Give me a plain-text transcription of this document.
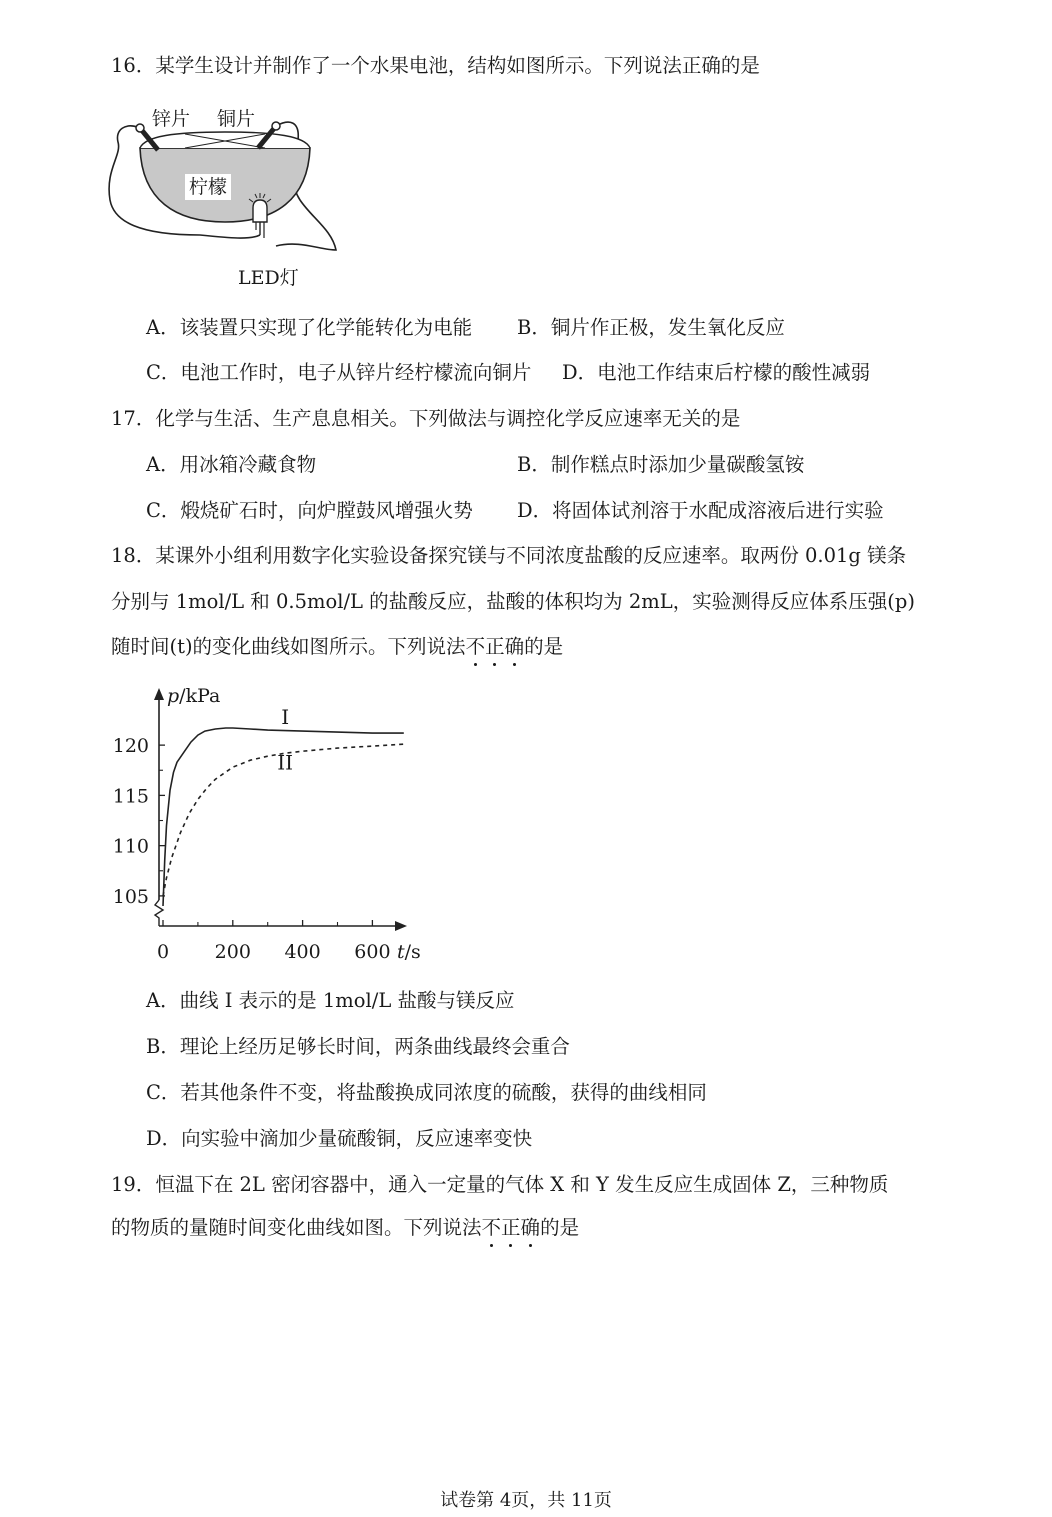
16．某学生设计并制作了一个水果电池，结构如图所示。下列说法正确的是
柠檬
锌片 铜片
LED灯
A．该装置只实现了化学能转化为电能 B．铜片作正极，发生氧化反应
C．电池工作时，电子从锌片经柠檬流向铜片 D．电池工作结束后柠檬的酸性减弱
17．化学与生活、生产息息相关。下列做法与调控化学反应速率无关的是
A．用冰箱冷藏食物	B．制作糕点时添加少量碳酸氢铵
C．煅烧矿石时，向炉膛鼓风增强火势 D．将固体试剂溶于水配成溶液后进行实验
18．某课外小组利用数字化实验设备探究镁与不同浓度盐酸的反应速率。取两份 0.01g 镁条
分别与 1mol/L 和 0.5mol/L 的盐酸反应，盐酸的体积均为 2mL，实验测得反应体系压强(p)
随时间(t)的变化曲线如图所示。下列说法不正确的是
0 200 400 600
105
110
115
120
p/kPa
t/s
I
II
A．曲线 I 表示的是 1mol/L 盐酸与镁反应
B．理论上经历足够长时间，两条曲线最终会重合
C．若其他条件不变，将盐酸换成同浓度的硫酸，获得的曲线相同
D．向实验中滴加少量硫酸铜，反应速率变快
19．恒温下在 2L 密闭容器中，通入一定量的气体 X 和 Y 发生反应生成固体 Z，三种物质
的物质的量随时间变化曲线如图。下列说法不正确的是
试卷第 4页，共 11页
